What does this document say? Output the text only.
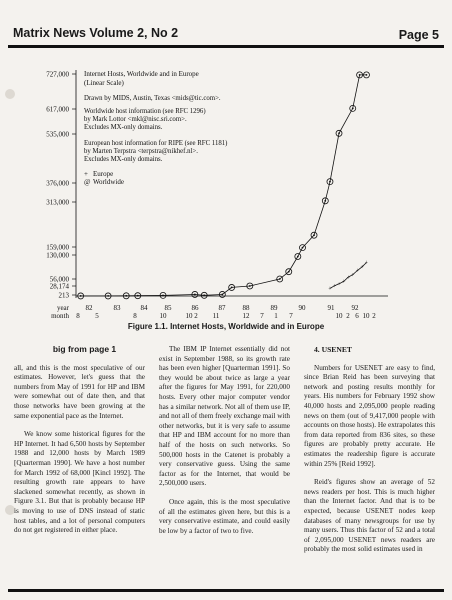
Matrix News Volume 2, No 2	Page 5
727,000
617,000
535,000
376,000
313,000
159,000
130,000
56,000
28,174
213
Internet Hosts, Worldwide and in Europe
(Linear Scale)
Drawn by MIDS, Austin, Texas <mids@tic.com>.
Worldwide host information (see RFC 1296)
by Mark Lottor <mkl@nisc.sri.com>.
Excludes MX-only domains.
European host information for RIPE (see RFC 1181)
by Marten Terpstra <terpstra@nikhef.nl>.
Excludes MX-only domains.
+ Europe
@ Worldwide
+ + + +
+ +
+
+
+
year
month
82	83	84 85	86	87 88	89	90	91 92
8 5	8	10	10 2 11	12 7 1 7	10 2 6 10 2
Figure 1.1. Internet Hosts, Worldwide and in Europe

big from page 1

all, and this is the most speculative of our estimates. However, let's guess that the numbers from May of 1991 for HP and IBM were somewhat out of date then, and that those networks have been growing at the same exponential pace as the Internet.

We know some historical figures for the HP Internet. It had 6,500 hosts by September 1988 and 12,000 hosts by March 1989 [Quarterman 1990]. We have a host number for March 1992 of 68,000 [Kincl 1992]. The resulting growth rate appears to have slackened somewhat recently, as shown in Figure 3.1. But that is probably because HP is moving to use of DNS instead of static host tables, and a lot of personal computers do not get registered in either place.

The IBM IP Internet essentially did not exist in September 1988, so its growth rate has been even higher [Quarterman 1991]. So they would be about twice as large a year after the figures for May 1991, for 220,000 hosts. Every other major computer vendor has a similar network. Not all of them use IP, and not all of them freely exchange mail with other networks, but it is very safe to assume that HP and IBM account for no more than half of the hosts on such networks. So 500,000 hosts in the Catenet is probably a very conservative guess. Using the same factor as for the Internet, that would be 2,500,000 users.

Once again, this is the most speculative of all the estimates given here, but this is a very conservative estimate, and could easily be low by a factor of two to five.

4. USENET

Numbers for USENET are easy to find, since Brian Reid has been surveying that network and posting results monthly for years. His numbers for February 1992 show 40,000 hosts and 2,095,000 people reading news on them (out of 9,417,000 people with accounts on those hosts). He extrapolates this from data reported from 836 sites, so these figures are probably pretty accurate. He estimates the readership figure is accurate within 25% [Reid 1992].

Reid's figures show an average of 52 news readers per host. This is much higher than the Internet factor. And that is to be expected, because USENET nodes keep databases of many newsgroups for use by many users. Thus this factor of 52 and a total of 2,095,000 USENET news readers are probably the most solid estimates used in
